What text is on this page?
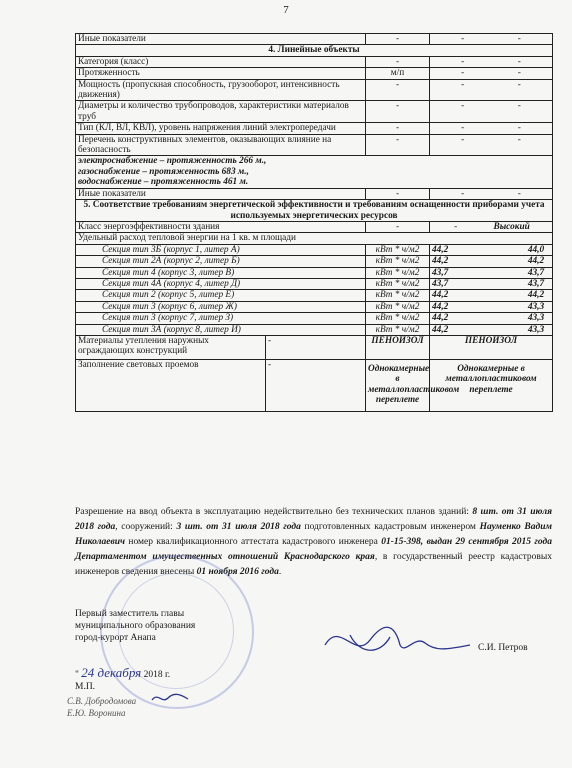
7
Иные показатели		-	- -
4. Линейные объекты			
Категория (класс)		-	- -
Протяженность		м/п	- -
Мощность (пропускная способность, грузооборот, интенсивность движения)		-	- -
Диаметры и количество трубопроводов, характеристики материалов труб		-	- -
Тип (КЛ, ВЛ, КВЛ), уровень напряжения линий электропередачи		-	- -
Перечень конструктивных элементов, оказывающих влияние на безопасность		-	- -

электроснабжение – протяженность 266 м.,
газоснабжение – протяженность 683 м.,
водоснабжение – протяженность 461 м.			

Иные показатели		-	- -
5. Соответствие требованиям энергетической эффективности и требованиям оснащенности приборами учета используемых энергетических ресурсов			
Класс энергоэффективности здания		-	- Высокий
Удельный расход тепловой энергии на 1 кв. м площади			
Секция тип 3Б (корпус 1, литер А)		кВт * ч/м2	44,2 44,0
Секция тип 2А (корпус 2, литер Б)		кВт * ч/м2	44,2 44,2
Секция тип 4 (корпус 3, литер В)		кВт * ч/м2	43,7 43,7
Секция тип 4А (корпус 4, литер Д)		кВт * ч/м2	43,7 43,7
Секция тип 2 (корпус 5, литер Е)		кВт * ч/м2	44,2 44,2
Секция тип 3 (корпус 6, литер Ж)		кВт * ч/м2	44,2 43,3
Секция тип 3 (корпус 7, литер З)		кВт * ч/м2	44,2 43,3
Секция тип 3А (корпус 8, литер И)		кВт * ч/м2	44,2 43,3
Материалы утепления наружных ограждающих конструкций	-	ПЕНОИЗОЛ	ПЕНОИЗОЛ
Заполнение световых проемов	-	Однокамерные в металлопластиковом переплете	Однокамерные в металлопластиковом переплете
Разрешение на ввод объекта в эксплуатацию недействительно без технических планов зданий: 8 шт. от 31 июля 2018 года, сооружений: 3 шт. от 31 июля 2018 года подготовленных кадастровым инженером Науменко Вадим Николаевич номер квалификационного аттестата кадастрового инженера 01-15-398, выдан 29 сентября 2015 года Департаментом имущественных отношений Краснодарского края, в государственный реестр кадастровых инженеров сведения внесены 01 ноября 2016 года.
Первый заместитель главы
муниципального образования
город-курорт Анапа
С.И. Петров
" 24 декабря 2018 г.
М.П.
С.В. Добродомова
Е.Ю. Воронина
